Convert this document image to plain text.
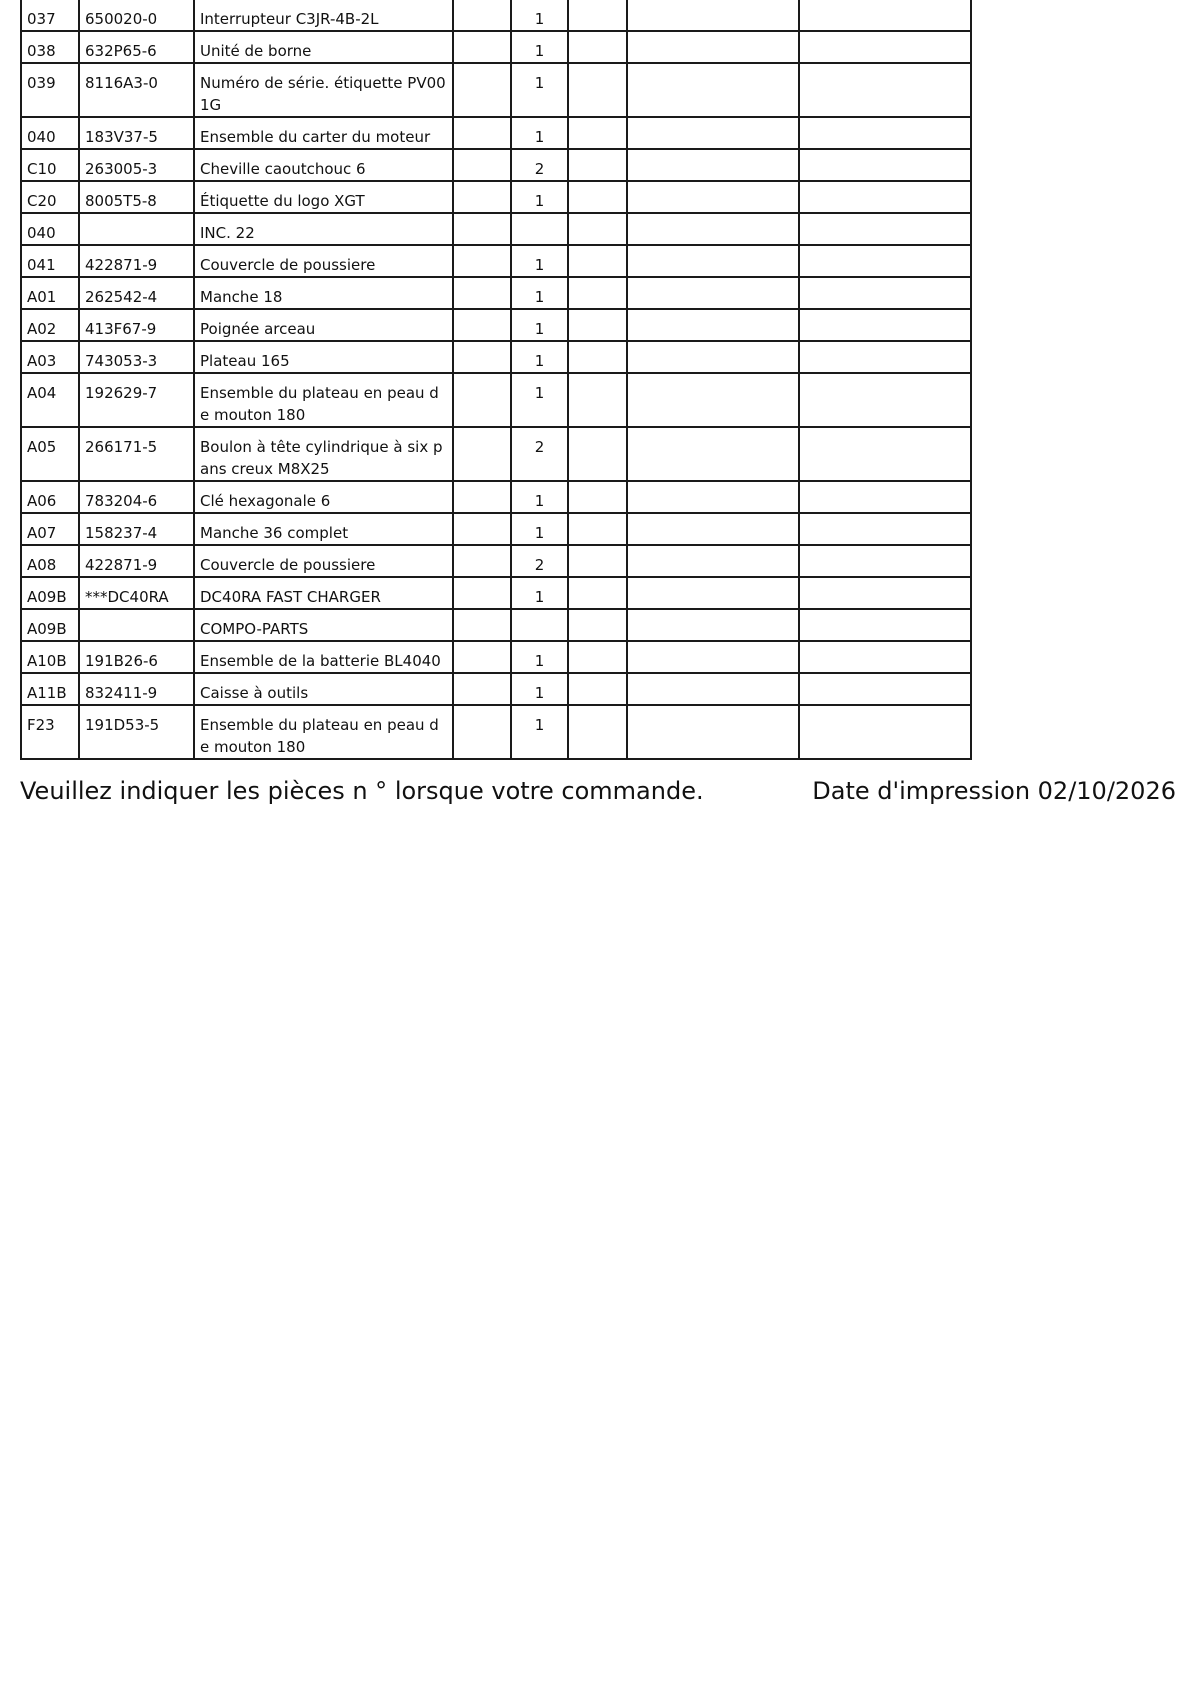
037	650020-0	Interrupteur C3JR-4B-2L		1			
038	632P65-6	Unité de borne		1			
039	8116A3-0	Numéro de série. étiquette PV00 1G		1			
040	183V37-5	Ensemble du carter du moteur		1			
C10	263005-3	Cheville caoutchouc 6		2			
C20	8005T5-8	Étiquette du logo XGT		1			
040		INC. 22					
041	422871-9	Couvercle de poussiere		1			
A01	262542-4	Manche 18		1			
A02	413F67-9	Poignée arceau		1			
A03	743053-3	Plateau 165		1			
A04	192629-7	Ensemble du plateau en peau de mouton 180		1			
A05	266171-5	Boulon à tête cylindrique à six pans creux M8X25		2			
A06	783204-6	Clé hexagonale 6		1			
A07	158237-4	Manche 36 complet		1			
A08	422871-9	Couvercle de poussiere		2			
A09B	***DC40RA	DC40RA FAST CHARGER		1			
A09B		COMPO-PARTS					
A10B	191B26-6	Ensemble de la batterie BL4040		1			
A11B	832411-9	Caisse à outils		1			
F23	191D53-5	Ensemble du plateau en peau de mouton 180		1			
Veuillez indiquer les pièces n ° lorsque votre commande.	Date d'impression 02/10/2026
